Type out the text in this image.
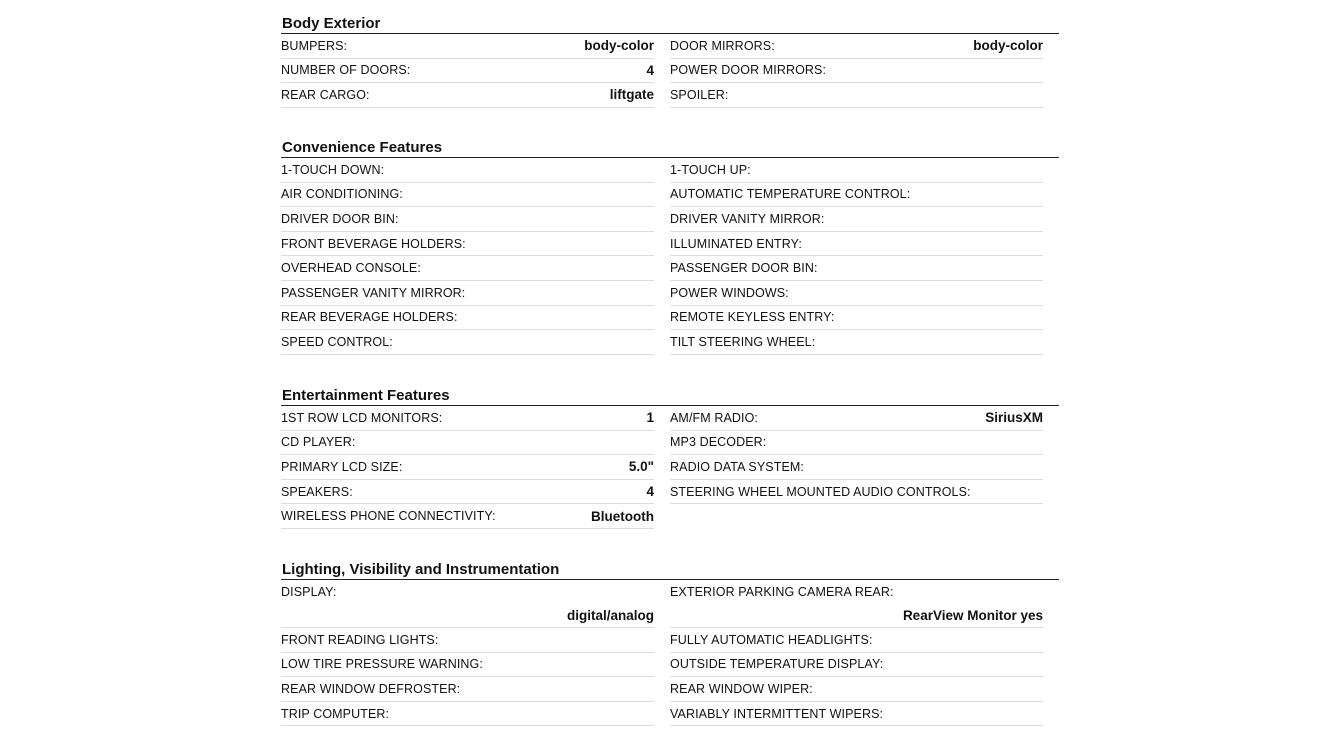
Body Exterior
BUMPERS:	body-color
NUMBER OF DOORS:	4
REAR CARGO:	liftgate
DOOR MIRRORS:	body-color
POWER DOOR MIRRORS:
SPOILER:
Convenience Features
1-TOUCH DOWN:
AIR CONDITIONING:
DRIVER DOOR BIN:
FRONT BEVERAGE HOLDERS:
OVERHEAD CONSOLE:
PASSENGER VANITY MIRROR:
REAR BEVERAGE HOLDERS:
SPEED CONTROL:
1-TOUCH UP:
AUTOMATIC TEMPERATURE CONTROL:
DRIVER VANITY MIRROR:
ILLUMINATED ENTRY:
PASSENGER DOOR BIN:
POWER WINDOWS:
REMOTE KEYLESS ENTRY:
TILT STEERING WHEEL:
Entertainment Features
1ST ROW LCD MONITORS:	1
CD PLAYER:
PRIMARY LCD SIZE:	5.0"
SPEAKERS:	4
WIRELESS PHONE CONNECTIVITY:	Bluetooth
AM/FM RADIO:	SiriusXM
MP3 DECODER:
RADIO DATA SYSTEM:
STEERING WHEEL MOUNTED AUDIO CONTROLS:
Lighting, Visibility and Instrumentation
DISPLAY:
digital/analog
FRONT READING LIGHTS:
LOW TIRE PRESSURE WARNING:
REAR WINDOW DEFROSTER:
TRIP COMPUTER:
EXTERIOR PARKING CAMERA REAR:
RearView Monitor yes
FULLY AUTOMATIC HEADLIGHTS:
OUTSIDE TEMPERATURE DISPLAY:
REAR WINDOW WIPER:
VARIABLY INTERMITTENT WIPERS:
